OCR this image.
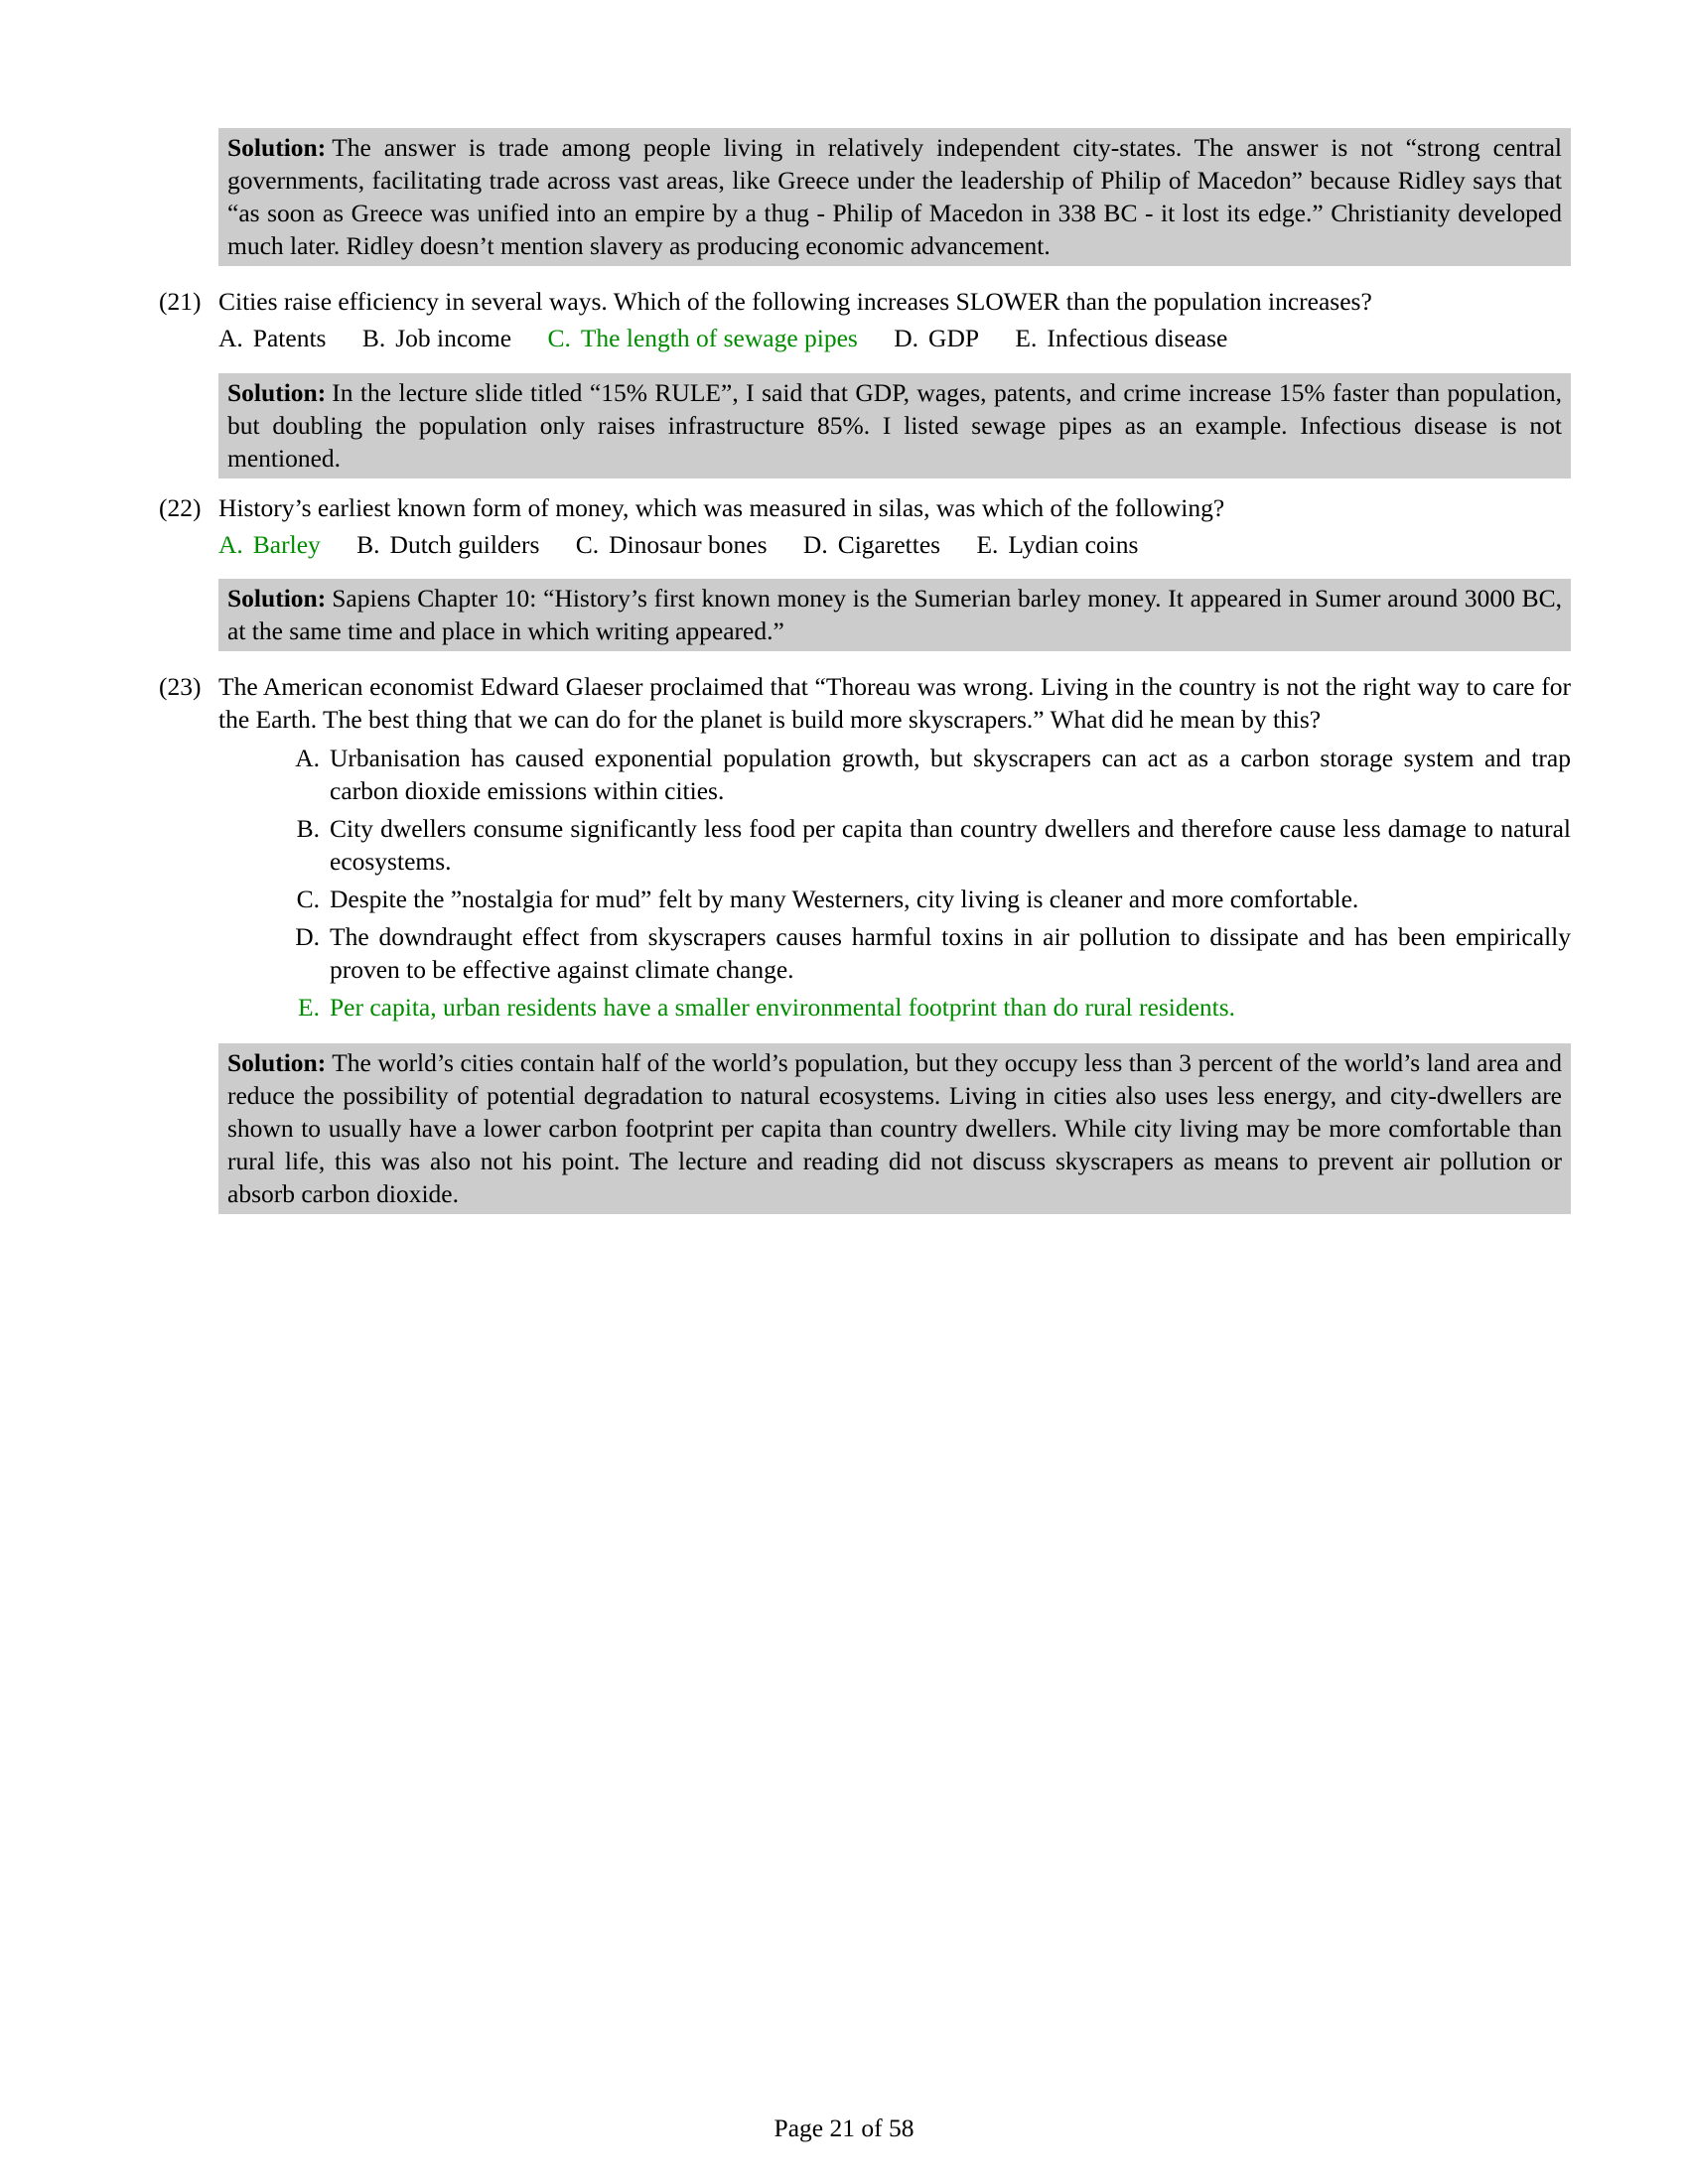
Solution: The answer is trade among people living in relatively independent city-states. The answer is not “strong central governments, facilitating trade across vast areas, like Greece under the leadership of Philip of Macedon” because Ridley says that “as soon as Greece was unified into an empire by a thug - Philip of Macedon in 338 BC - it lost its edge.” Christianity developed much later. Ridley doesn’t mention slavery as producing economic advancement.
(21) Cities raise efficiency in several ways. Which of the following increases SLOWER than the population increases?
A. Patents B. Job income C. The length of sewage pipes D. GDP E. Infectious disease
Solution: In the lecture slide titled “15% RULE”, I said that GDP, wages, patents, and crime increase 15% faster than population, but doubling the population only raises infrastructure 85%. I listed sewage pipes as an example. Infectious disease is not mentioned.
(22) History’s earliest known form of money, which was measured in silas, was which of the following?
A. Barley B. Dutch guilders C. Dinosaur bones D. Cigarettes E. Lydian coins
Solution: Sapiens Chapter 10: “History’s first known money is the Sumerian barley money. It appeared in Sumer around 3000 BC, at the same time and place in which writing appeared.”
(23) The American economist Edward Glaeser proclaimed that “Thoreau was wrong. Living in the country is not the right way to care for the Earth. The best thing that we can do for the planet is build more skyscrapers.” What did he mean by this?
A. Urbanisation has caused exponential population growth, but skyscrapers can act as a carbon storage system and trap carbon dioxide emissions within cities.
B. City dwellers consume significantly less food per capita than country dwellers and therefore cause less damage to natural ecosystems.
C. Despite the ”nostalgia for mud” felt by many Westerners, city living is cleaner and more comfortable.
D. The downdraught effect from skyscrapers causes harmful toxins in air pollution to dissipate and has been empirically proven to be effective against climate change.
E. Per capita, urban residents have a smaller environmental footprint than do rural residents.
Solution: The world’s cities contain half of the world’s population, but they occupy less than 3 percent of the world’s land area and reduce the possibility of potential degradation to natural ecosystems. Living in cities also uses less energy, and city-dwellers are shown to usually have a lower carbon footprint per capita than country dwellers. While city living may be more comfortable than rural life, this was also not his point. The lecture and reading did not discuss skyscrapers as means to prevent air pollution or absorb carbon dioxide.
Page 21 of 58
